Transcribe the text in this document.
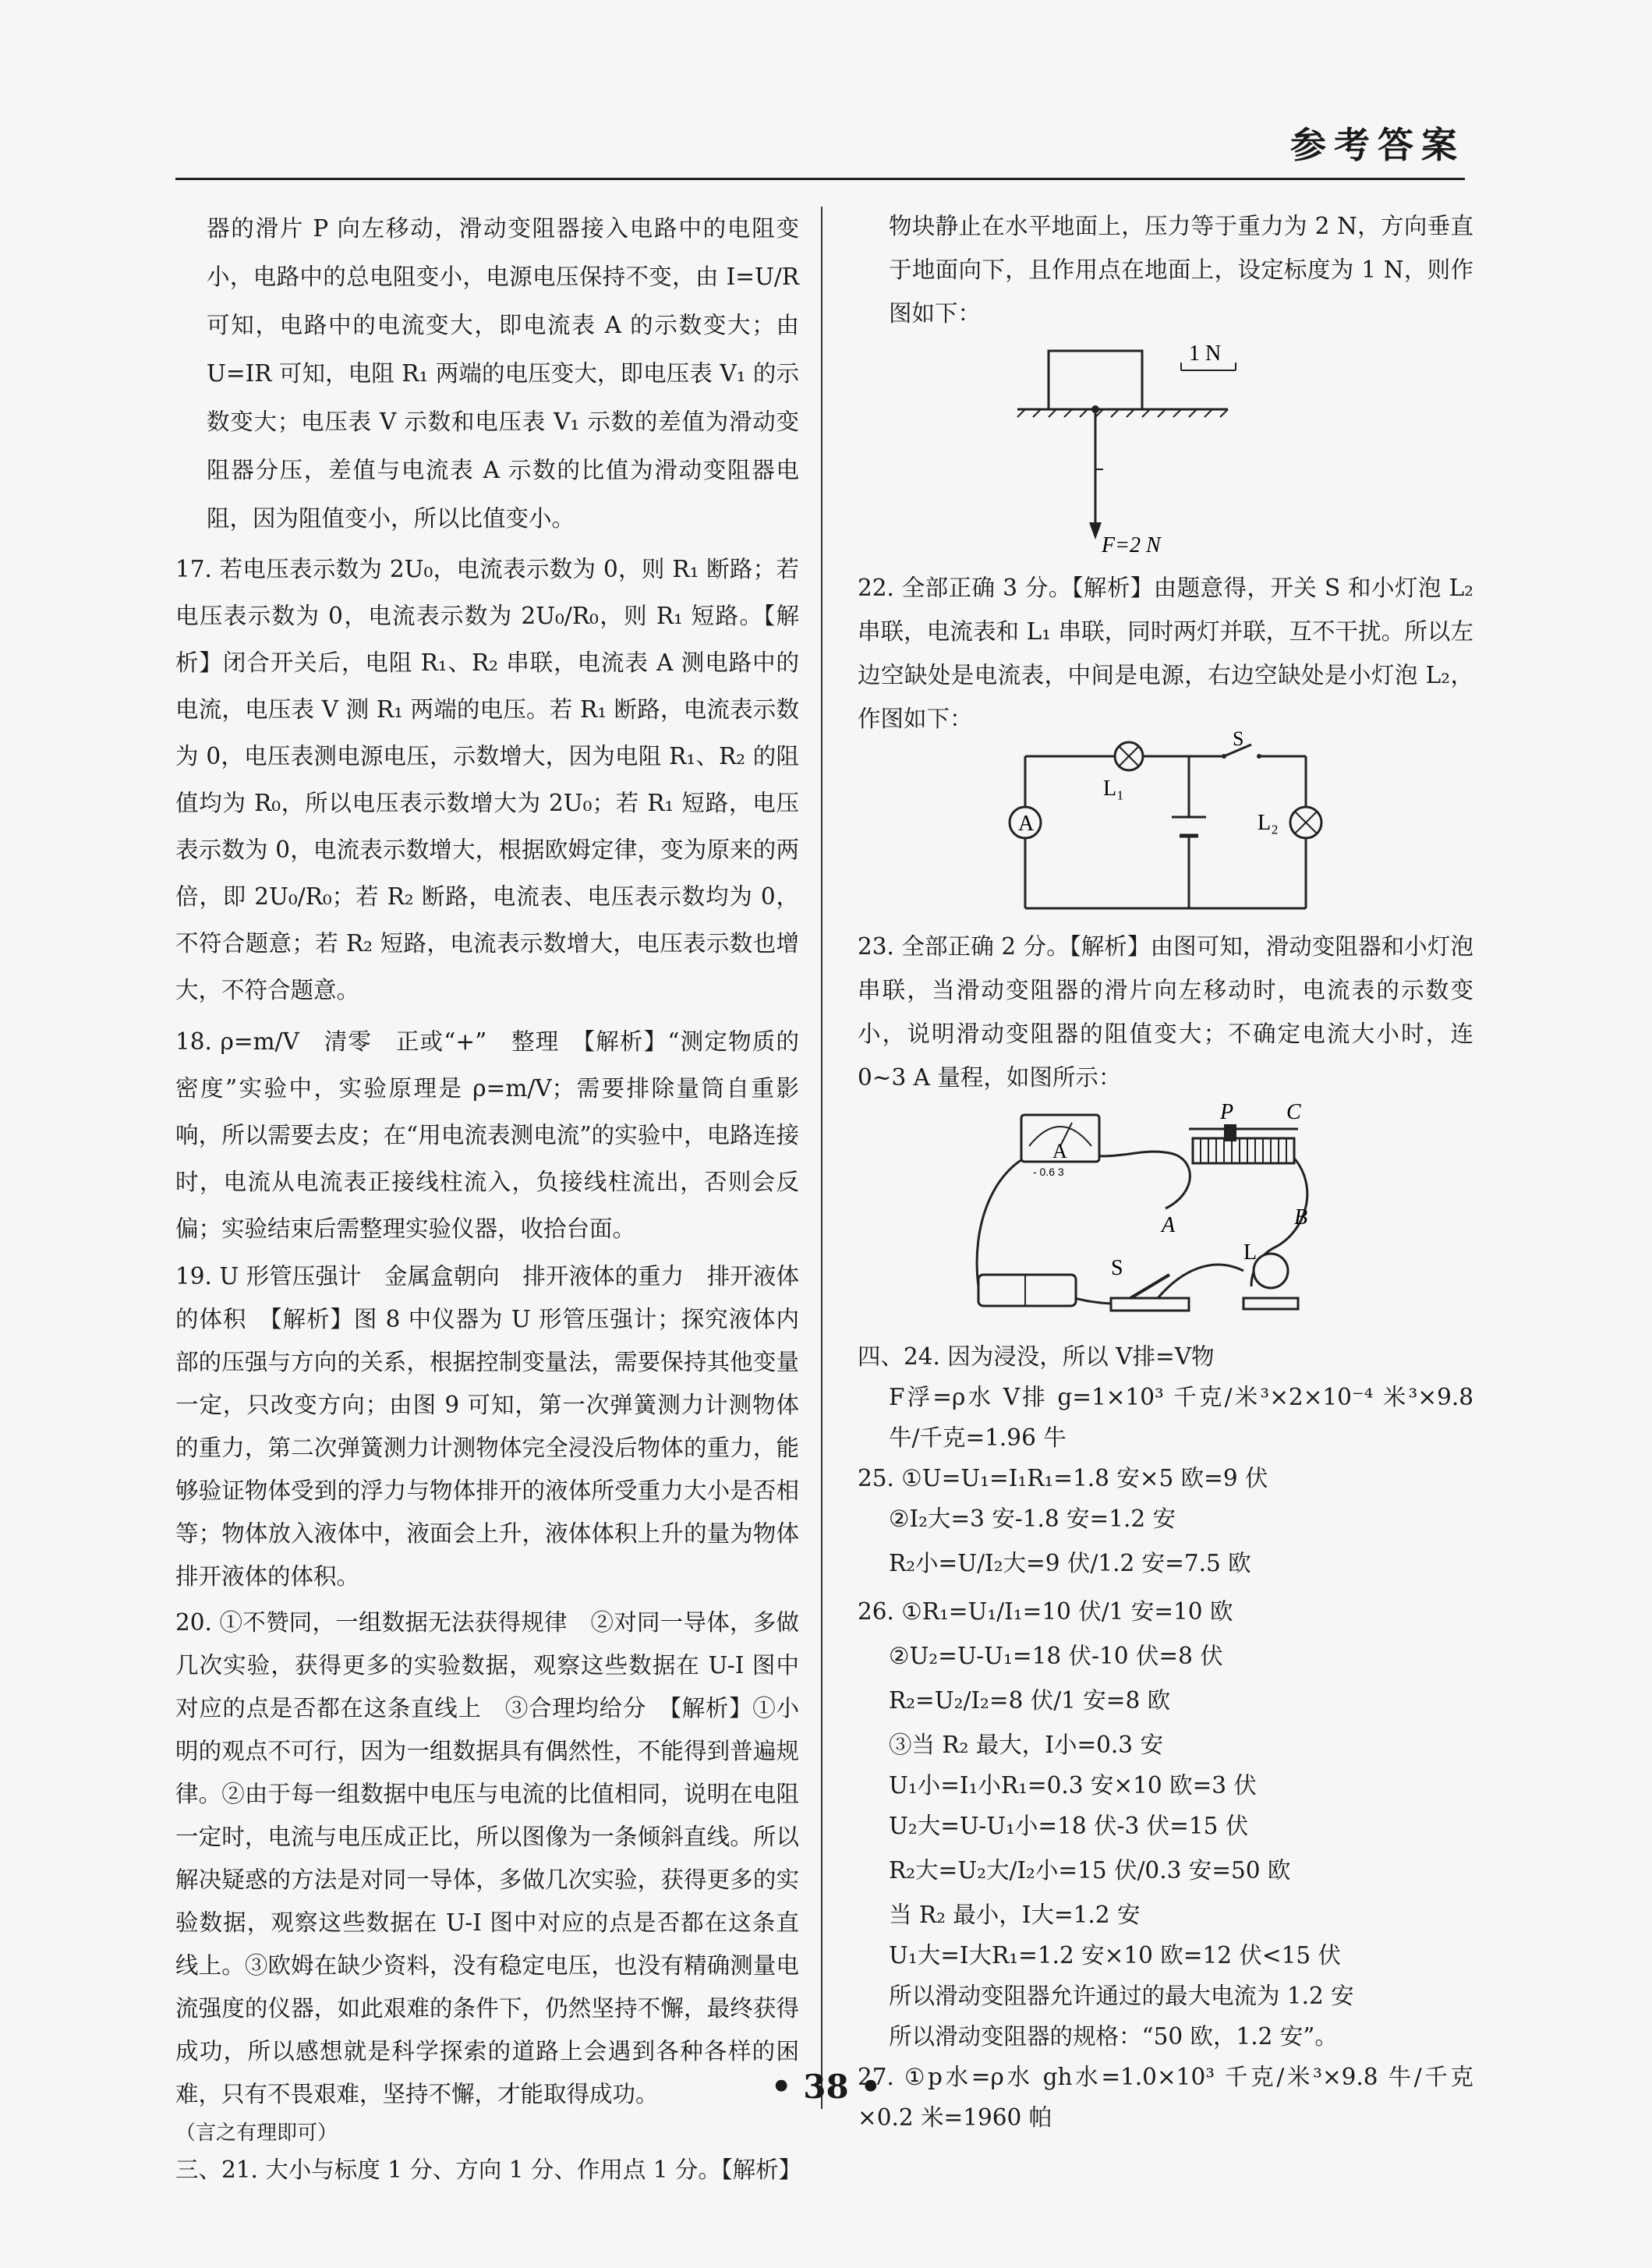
参考答案

器的滑片 P 向左移动，滑动变阻器接入电路中的电阻变小，电路中的总电阻变小，电源电压保持不变，由 I=U/R 可知，电路中的电流变大，即电流表 A 的示数变大；由 U=IR 可知，电阻 R₁ 两端的电压变大，即电压表 V₁ 的示数变大；电压表 V 示数和电压表 V₁ 示数的差值为滑动变阻器分压，差值与电流表 A 示数的比值为滑动变阻器电阻，因为阻值变小，所以比值变小。

17. 若电压表示数为 2U₀，电流表示数为 0，则 R₁ 断路；若电压表示数为 0，电流表示数为 2U₀/R₀，则 R₁ 短路。【解析】闭合开关后，电阻 R₁、R₂ 串联，电流表 A 测电路中的电流，电压表 V 测 R₁ 两端的电压。若 R₁ 断路，电流表示数为 0，电压表测电源电压，示数增大，因为电阻 R₁、R₂ 的阻值均为 R₀，所以电压表示数增大为 2U₀；若 R₁ 短路，电压表示数为 0，电流表示数增大，根据欧姆定律，变为原来的两倍，即 2U₀/R₀；若 R₂ 断路，电流表、电压表示数均为 0，不符合题意；若 R₂ 短路，电流表示数增大，电压表示数也增大，不符合题意。

18. ρ=m/V　清零　正或“+”　整理　【解析】“测定物质的密度”实验中，实验原理是 ρ=m/V；需要排除量筒自重影响，所以需要去皮；在“用电流表测电流”的实验中，电路连接时，电流从电流表正接线柱流入，负接线柱流出，否则会反偏；实验结束后需整理实验仪器，收拾台面。

19. U 形管压强计　金属盒朝向　排开液体的重力　排开液体的体积　【解析】图 8 中仪器为 U 形管压强计；探究液体内部的压强与方向的关系，根据控制变量法，需要保持其他变量一定，只改变方向；由图 9 可知，第一次弹簧测力计测物体的重力，第二次弹簧测力计测物体完全浸没后物体的重力，能够验证物体受到的浮力与物体排开的液体所受重力大小是否相等；物体放入液体中，液面会上升，液体体积上升的量为物体排开液体的体积。

20. ①不赞同，一组数据无法获得规律　②对同一导体，多做几次实验，获得更多的实验数据，观察这些数据在 U-I 图中对应的点是否都在这条直线上　③合理均给分　【解析】①小明的观点不可行，因为一组数据具有偶然性，不能得到普遍规律。②由于每一组数据中电压与电流的比值相同，说明在电阻一定时，电流与电压成正比，所以图像为一条倾斜直线。所以解决疑惑的方法是对同一导体，多做几次实验，获得更多的实验数据，观察这些数据在 U-I 图中对应的点是否都在这条直线上。③欧姆在缺少资料，没有稳定电压，也没有精确测量电流强度的仪器，如此艰难的条件下，仍然坚持不懈，最终获得成功，所以感想就是科学探索的道路上会遇到各种各样的困难，只有不畏艰难，坚持不懈，才能取得成功。

（言之有理即可）

三、21. 大小与标度 1 分、方向 1 分、作用点 1 分。【解析】

物块静止在水平地面上，压力等于重力为 2 N，方向垂直于地面向下，且作用点在地面上，设定标度为 1 N，则作图如下：

1 N
F=2 N

22. 全部正确 3 分。【解析】由题意得，开关 S 和小灯泡 L₂ 串联，电流表和 L₁ 串联，同时两灯并联，互不干扰。所以左边空缺处是电流表，中间是电源，右边空缺处是小灯泡 L₂，作图如下：

A
L₁
L₂
S

23. 全部正确 2 分。【解析】由图可知，滑动变阻器和小灯泡串联，当滑动变阻器的滑片向左移动时，电流表的示数变小，说明滑动变阻器的阻值变大；不确定电流大小时，连 0~3 A 量程，如图所示：

A
- 0.6 3
P C
A	B
S
L

四、24. 因为浸没，所以 V排=V物

F浮=ρ水 V排 g=1×10³ 千克/米³×2×10⁻⁴ 米³×9.8 牛/千克=1.96 牛

25. ①U=U₁=I₁R₁=1.8 安×5 欧=9 伏

②I₂大=3 安-1.8 安=1.2 安

R₂小=U/I₂大=9 伏/1.2 安=7.5 欧

26. ①R₁=U₁/I₁=10 伏/1 安=10 欧

②U₂=U-U₁=18 伏-10 伏=8 伏

R₂=U₂/I₂=8 伏/1 安=8 欧

③当 R₂ 最大，I小=0.3 安

U₁小=I₁小R₁=0.3 安×10 欧=3 伏

U₂大=U-U₁小=18 伏-3 伏=15 伏

R₂大=U₂大/I₂小=15 伏/0.3 安=50 欧

当 R₂ 最小，I大=1.2 安

U₁大=I大R₁=1.2 安×10 欧=12 伏<15 伏

所以滑动变阻器允许通过的最大电流为 1.2 安

所以滑动变阻器的规格：“50 欧，1.2 安”。

27. ①p水=ρ水 gh水=1.0×10³ 千克/米³×9.8 牛/千克×0.2 米=1960 帕

• 38 •
